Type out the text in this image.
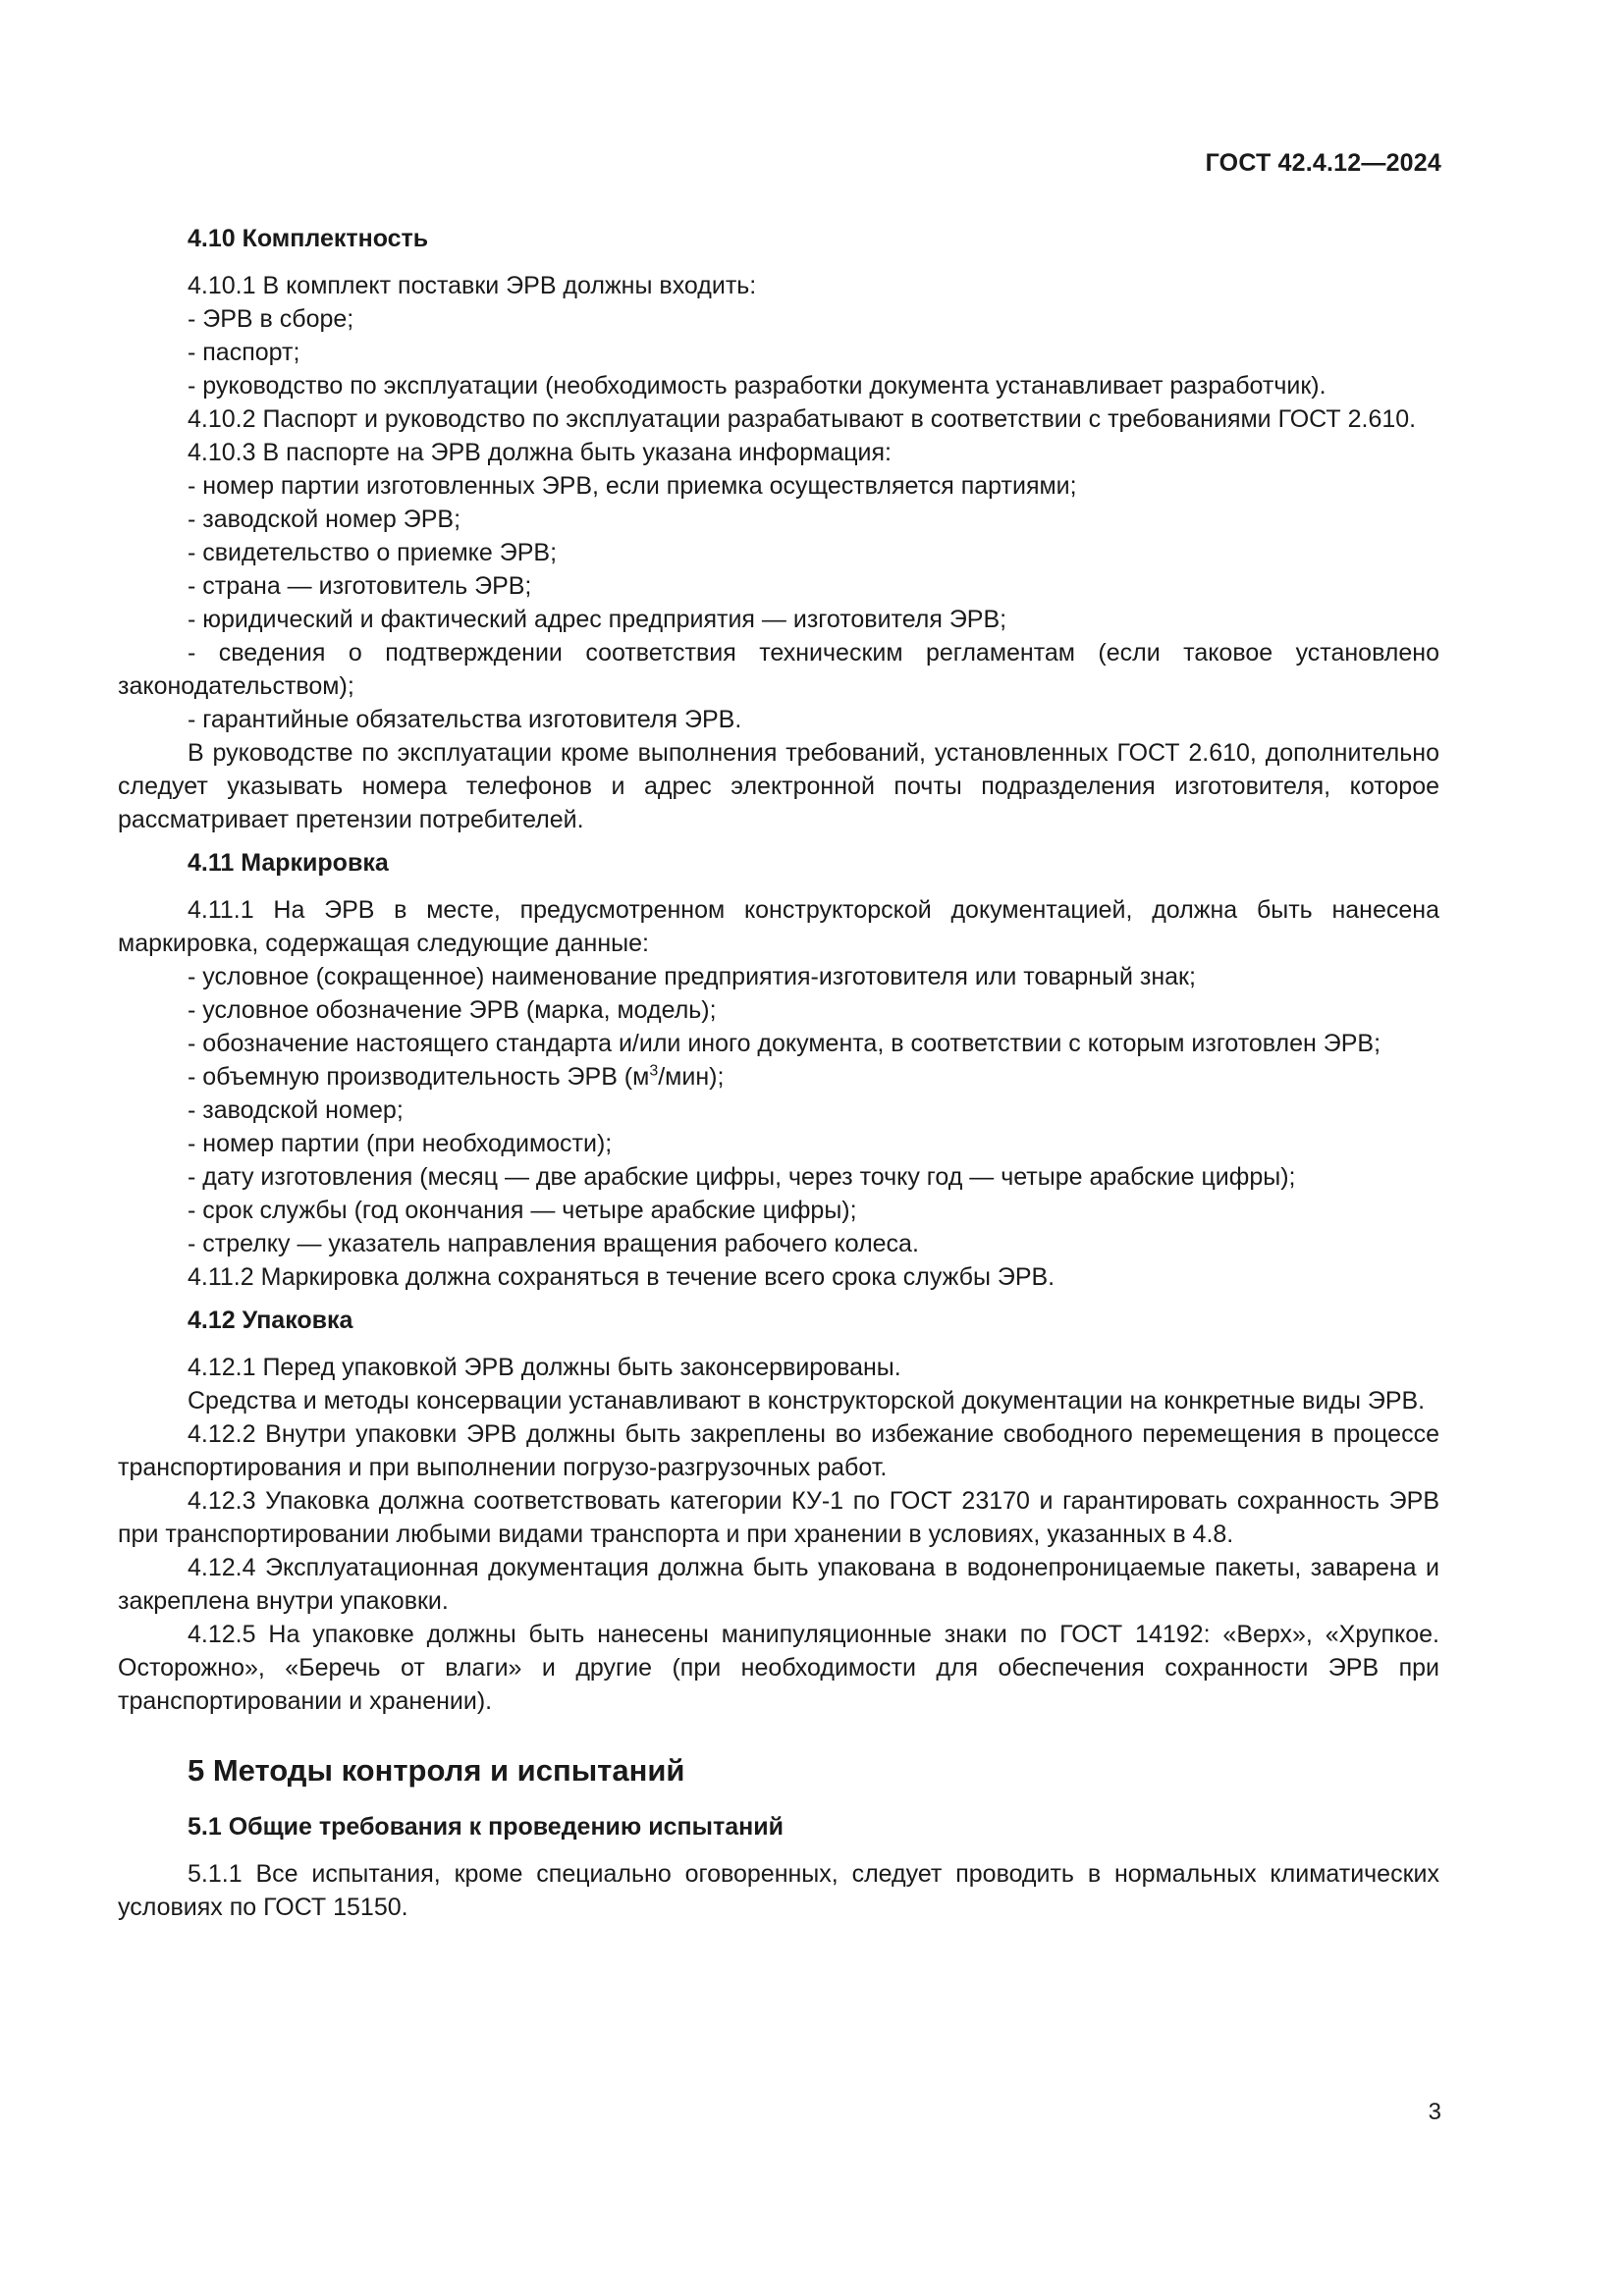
ГОСТ 42.4.12—2024

4.10 Комплектность

4.10.1 В комплект поставки ЭРВ должны входить:

- ЭРВ в сборе;

- паспорт;

- руководство по эксплуатации (необходимость разработки документа устанавливает разработчик).

4.10.2 Паспорт и руководство по эксплуатации разрабатывают в соответствии с требованиями ГОСТ 2.610.

4.10.3 В паспорте на ЭРВ должна быть указана информация:

- номер партии изготовленных ЭРВ, если приемка осуществляется партиями;

- заводской номер ЭРВ;

- свидетельство о приемке ЭРВ;

- страна — изготовитель ЭРВ;

- юридический и фактический адрес предприятия — изготовителя ЭРВ;

- сведения о подтверждении соответствия техническим регламентам (если таковое установлено законодательством);

- гарантийные обязательства изготовителя ЭРВ.

В руководстве по эксплуатации кроме выполнения требований, установленных ГОСТ 2.610, дополнительно следует указывать номера телефонов и адрес электронной почты подразделения изготовителя, которое рассматривает претензии потребителей.

4.11 Маркировка

4.11.1 На ЭРВ в месте, предусмотренном конструкторской документацией, должна быть нанесена маркировка, содержащая следующие данные:

- условное (сокращенное) наименование предприятия-изготовителя или товарный знак;

- условное обозначение ЭРВ (марка, модель);

- обозначение настоящего стандарта и/или иного документа, в соответствии с которым изготовлен ЭРВ;

- объемную производительность ЭРВ $(м^3/мин)$;

- заводской номер;

- номер партии (при необходимости);

- дату изготовления (месяц — две арабские цифры, через точку год — четыре арабские цифры);

- срок службы (год окончания — четыре арабские цифры);

- стрелку — указатель направления вращения рабочего колеса.

4.11.2 Маркировка должна сохраняться в течение всего срока службы ЭРВ.

4.12 Упаковка

4.12.1 Перед упаковкой ЭРВ должны быть законсервированы.

Средства и методы консервации устанавливают в конструкторской документации на конкретные виды ЭРВ.

4.12.2 Внутри упаковки ЭРВ должны быть закреплены во избежание свободного перемещения в процессе транспортирования и при выполнении погрузо-разгрузочных работ.

4.12.3 Упаковка должна соответствовать категории КУ-1 по ГОСТ 23170 и гарантировать сохранность ЭРВ при транспортировании любыми видами транспорта и при хранении в условиях, указанных в 4.8.

4.12.4 Эксплуатационная документация должна быть упакована в водонепроницаемые пакеты, заварена и закреплена внутри упаковки.

4.12.5 На упаковке должны быть нанесены манипуляционные знаки по ГОСТ 14192: «Верх», «Хрупкое. Осторожно», «Беречь от влаги» и другие (при необходимости для обеспечения сохранности ЭРВ при транспортировании и хранении).

5 Методы контроля и испытаний

5.1 Общие требования к проведению испытаний

5.1.1 Все испытания, кроме специально оговоренных, следует проводить в нормальных климатических условиях по ГОСТ 15150.

3
